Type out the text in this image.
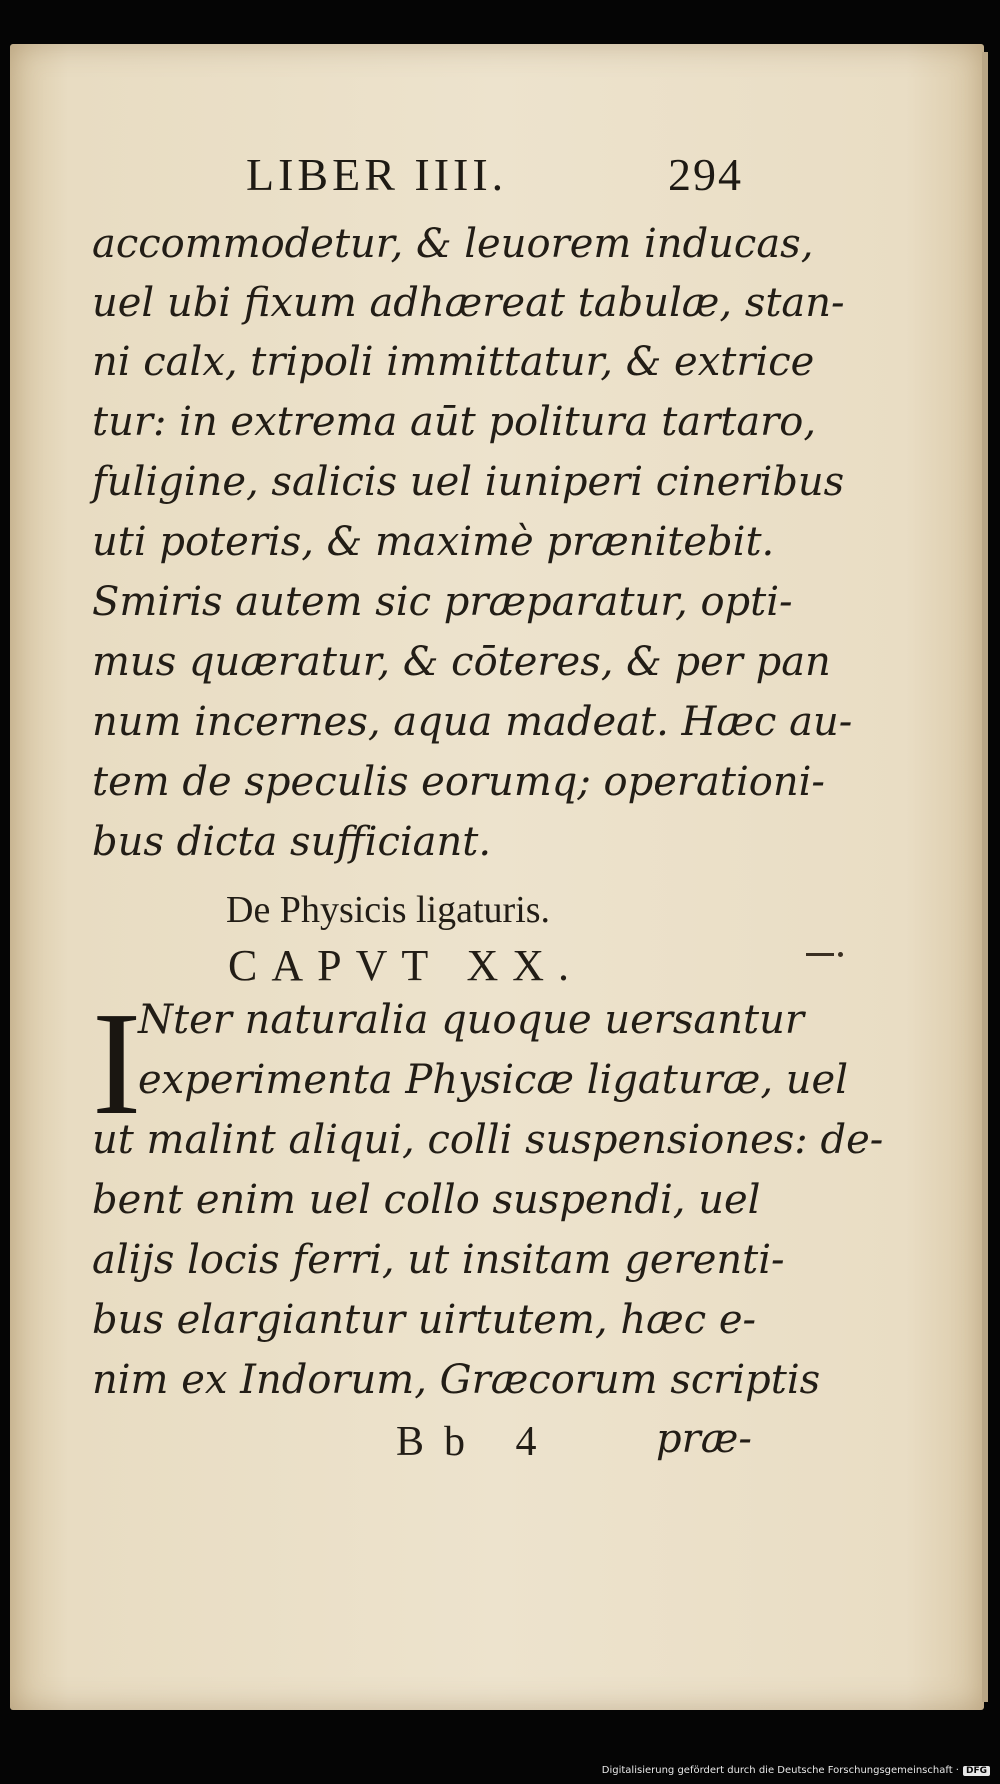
LIBER IIII.	294
accommodetur, & leuorem inducas,
uel ubi fixum adhæreat tabulæ, stan-
ni calx, tripoli immittatur, & extrice
tur: in extrema aūt politura tartaro,
fuligine, salicis uel iuniperi cineribus
uti poteris, & maximè prænitebit.
Smiris autem sic præparatur, opti-
mus quæratur, & cōteres, & per pan
num incernes, aqua madeat. Hæc au-
tem de speculis eorumq; operationi-
bus dicta sufficiant.
De Physicis ligaturis.
CAPVT XX.
I
Nter naturalia quoque uersantur
experimenta Physicæ ligaturæ, uel
ut malint aliqui, colli suspensiones: de-
bent enim uel collo suspendi, uel
alijs locis ferri, ut insitam gerenti-
bus elargiantur uirtutem, hæc e-
nim ex Indorum, Græcorum scriptis
Bb 4 præ-
Digitalisierung gefördert durch die Deutsche Forschungsgemeinschaft · DFG
